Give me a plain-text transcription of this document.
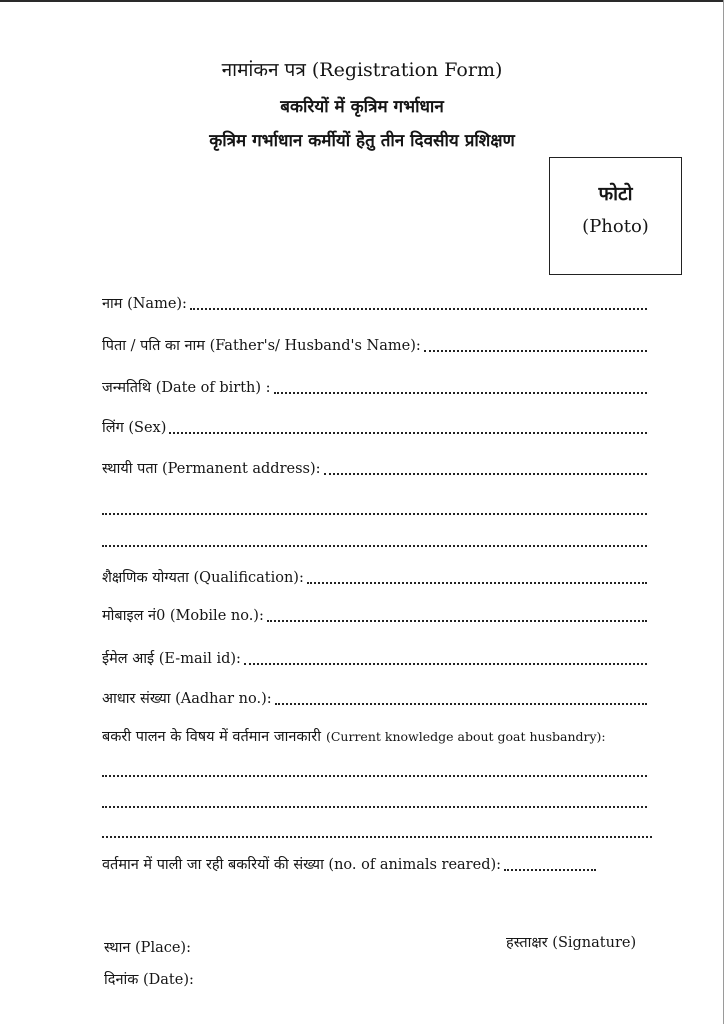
नामांकन पत्र (Registration Form)
बकरियों में कृत्रिम गर्भाधान
कृत्रिम गर्भाधान कर्मीयों हेतु तीन दिवसीय प्रशिक्षण
फोटो
(Photo)
नाम (Name):
पिता / पति का नाम (Father's/ Husband's Name):
जन्मतिथि (Date of birth) :
लिंग (Sex)
स्थायी पता (Permanent address):
शैक्षणिक योग्यता (Qualification):
मोबाइल नं0 (Mobile no.):
ईमेल आई (E-mail id):
आधार संख्या (Aadhar no.):
बकरी पालन के विषय में वर्तमान जानकारी (Current knowledge about goat husbandry):
वर्तमान में पाली जा रही बकरियों की संख्या (no. of animals reared):
स्थान (Place):
दिनांक (Date):
हस्ताक्षर (Signature)
